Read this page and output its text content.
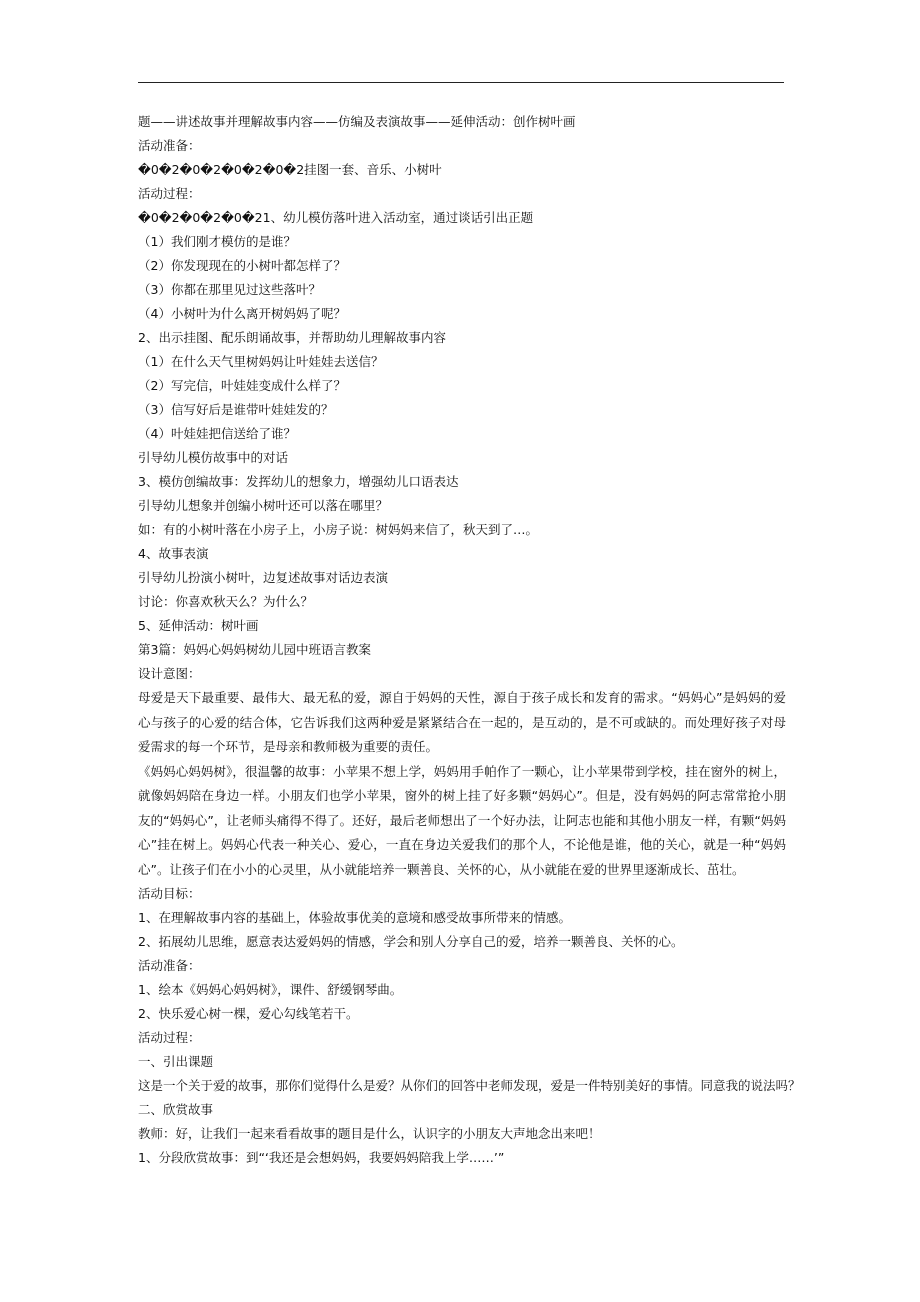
题——讲述故事并理解故事内容——仿编及表演故事——延伸活动：创作树叶画
活动准备：
�0�2�0�2�0�2�0�2挂图一套、音乐、小树叶
活动过程：
�0�2�0�2�0�21、幼儿模仿落叶进入活动室，通过谈话引出正题
（1）我们刚才模仿的是谁？
（2）你发现现在的小树叶都怎样了？
（3）你都在那里见过这些落叶？
（4）小树叶为什么离开树妈妈了呢？
2、出示挂图、配乐朗诵故事，并帮助幼儿理解故事内容
（1）在什么天气里树妈妈让叶娃娃去送信？
（2）写完信，叶娃娃变成什么样了？
（3）信写好后是谁带叶娃娃发的？
（4）叶娃娃把信送给了谁？
引导幼儿模仿故事中的对话
3、模仿创编故事：发挥幼儿的想象力，增强幼儿口语表达
引导幼儿想象并创编小树叶还可以落在哪里？
如：有的小树叶落在小房子上，小房子说：树妈妈来信了，秋天到了…。
4、故事表演
引导幼儿扮演小树叶，边复述故事对话边表演
讨论：你喜欢秋天么？为什么？
5、延伸活动：树叶画
第3篇：妈妈心妈妈树幼儿园中班语言教案
设计意图：
母爱是天下最重要、最伟大、最无私的爱，源自于妈妈的天性，源自于孩子成长和发育的需求。“妈妈心”是妈妈的爱心与孩子的心爱的结合体，它告诉我们这两种爱是紧紧结合在一起的，是互动的，是不可或缺的。而处理好孩子对母爱需求的每一个环节，是母亲和教师极为重要的责任。
《妈妈心妈妈树》，很温馨的故事：小苹果不想上学，妈妈用手帕作了一颗心，让小苹果带到学校，挂在窗外的树上，就像妈妈陪在身边一样。小朋友们也学小苹果，窗外的树上挂了好多颗“妈妈心”。但是，没有妈妈的阿志常常抢小朋友的“妈妈心”，让老师头痛得不得了。还好，最后老师想出了一个好办法，让阿志也能和其他小朋友一样，有颗“妈妈心”挂在树上。妈妈心代表一种关心、爱心，一直在身边关爱我们的那个人，不论他是谁，他的关心，就是一种“妈妈心”。让孩子们在小小的心灵里，从小就能培养一颗善良、关怀的心，从小就能在爱的世界里逐渐成长、茁壮。
活动目标：
1、在理解故事内容的基础上，体验故事优美的意境和感受故事所带来的情感。
2、拓展幼儿思维，愿意表达爱妈妈的情感，学会和别人分享自己的爱，培养一颗善良、关怀的心。
活动准备：
1、绘本《妈妈心妈妈树》，课件、舒缓钢琴曲。
2、快乐爱心树一棵，爱心勾线笔若干。
活动过程：
一、引出课题
这是一个关于爱的故事，那你们觉得什么是爱？从你们的回答中老师发现，爱是一件特别美好的事情。同意我的说法吗？
二、欣赏故事
教师：好，让我们一起来看看故事的题目是什么，认识字的小朋友大声地念出来吧！
1、分段欣赏故事：到“‘我还是会想妈妈，我要妈妈陪我上学……’”
